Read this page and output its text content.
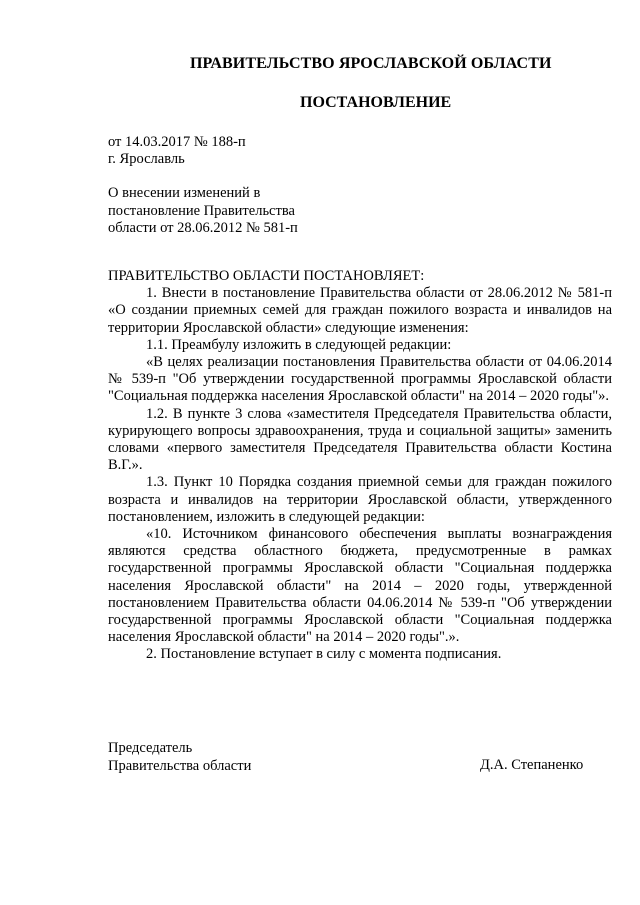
ПРАВИТЕЛЬСТВО ЯРОСЛАВСКОЙ ОБЛАСТИ
ПОСТАНОВЛЕНИЕ
от 14.03.2017 № 188-п
г. Ярославль
О внесении изменений в
постановление Правительства
области от 28.06.2012 № 581-п
ПРАВИТЕЛЬСТВО ОБЛАСТИ ПОСТАНОВЛЯЕТ:

1. Внести в постановление Правительства области от 28.06.2012 № 581-п «О создании приемных семей для граждан пожилого возраста и инвалидов на территории Ярославской области» следующие изменения:

1.1. Преамбулу изложить в следующей редакции:

«В целях реализации постановления Правительства области от 04.06.2014 № 539-п "Об утверждении государственной программы Ярославской области "Социальная поддержка населения Ярославской области" на 2014 – 2020 годы"».

1.2. В пункте 3 слова «заместителя Председателя Правительства области, курирующего вопросы здравоохранения, труда и социальной защиты» заменить словами «первого заместителя Председателя Правительства области Костина В.Г.».

1.3. Пункт 10 Порядка создания приемной семьи для граждан пожилого возраста и инвалидов на территории Ярославской области, утвержденного постановлением, изложить в следующей редакции:

«10. Источником финансового обеспечения выплаты вознаграждения являются средства областного бюджета, предусмотренные в рамках государственной программы Ярославской области "Социальная поддержка населения Ярославской области" на 2014 – 2020 годы, утвержденной постановлением Правительства области 04.06.2014 № 539-п "Об утверждении государственной программы Ярославской области "Социальная поддержка населения Ярославской области" на 2014 – 2020 годы".».

2. Постановление вступает в силу с момента подписания.

Председатель
Правительства области	Д.А. Степаненко
